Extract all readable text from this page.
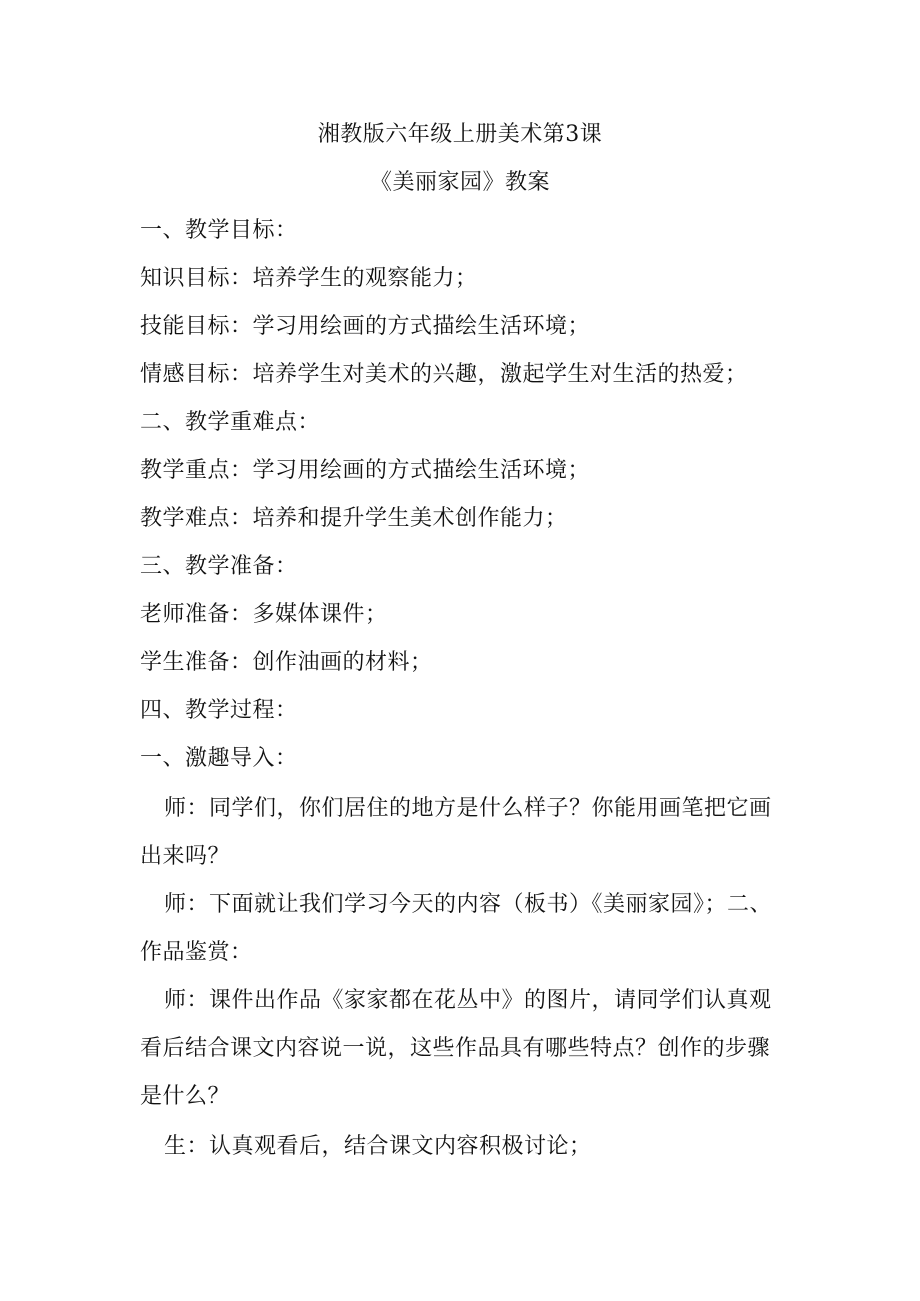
湘教版六年级上册美术第3课
《美丽家园》教案
一、教学目标：
知识目标：培养学生的观察能力；
技能目标：学习用绘画的方式描绘生活环境；
情感目标：培养学生对美术的兴趣，激起学生对生活的热爱；
二、教学重难点：
教学重点：学习用绘画的方式描绘生活环境；
教学难点：培养和提升学生美术创作能力；
三、教学准备：
老师准备：多媒体课件；
学生准备：创作油画的材料；
四、教学过程：
一、激趣导入：
师：同学们，你们居住的地方是什么样子？你能用画笔把它画
出来吗？
师：下面就让我们学习今天的内容（板书）《美丽家园》；二、
作品鉴赏：
师：课件出作品《家家都在花丛中》的图片，请同学们认真观
看后结合课文内容说一说，这些作品具有哪些特点？创作的步骤
是什么？
生：认真观看后，结合课文内容积极讨论；
